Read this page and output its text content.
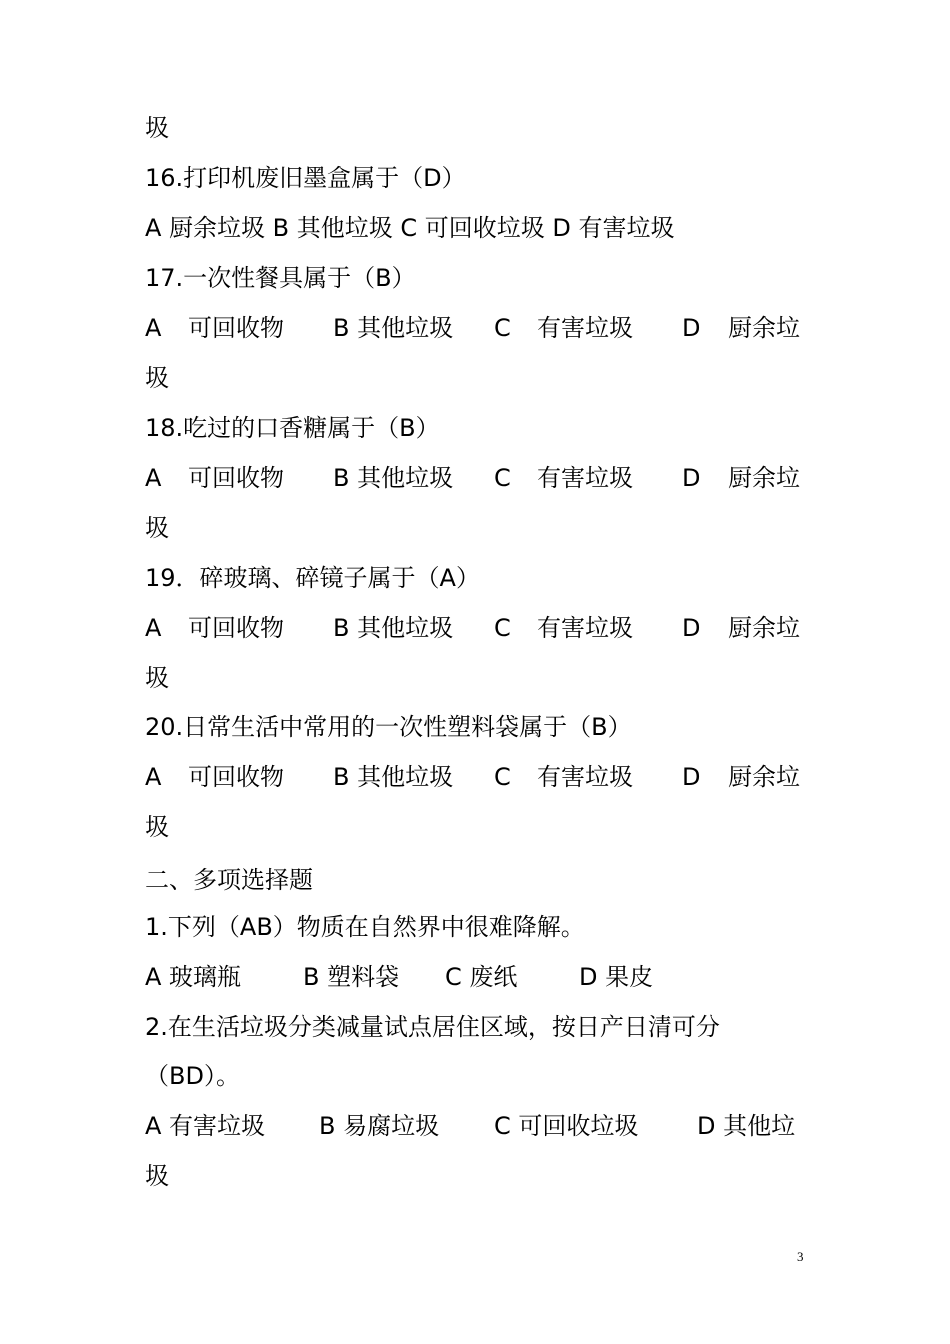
圾
16.打印机废旧墨盒属于（D）
A 厨余垃圾 B 其他垃圾 C 可回收垃圾 D 有害垃圾
17.一次性餐具属于（B）
A 可回收物 B 其他垃圾 C 有害垃圾 D 厨余垃
圾
18.吃过的口香糖属于（B）
A 可回收物 B 其他垃圾 C 有害垃圾 D 厨余垃
圾
19．碎玻璃、碎镜子属于（A）
A 可回收物 B 其他垃圾 C 有害垃圾 D 厨余垃
圾
20.日常生活中常用的一次性塑料袋属于（B）
A 可回收物 B 其他垃圾 C 有害垃圾 D 厨余垃
圾
二、多项选择题
1.下列（AB）物质在自然界中很难降解。
A 玻璃瓶	B 塑料袋 C 废纸	D 果皮
2.在生活垃圾分类减量试点居住区域，按日产日清可分
（BD）。
A 有害垃圾 B 易腐垃圾 C 可回收垃圾 D 其他垃
圾
3
